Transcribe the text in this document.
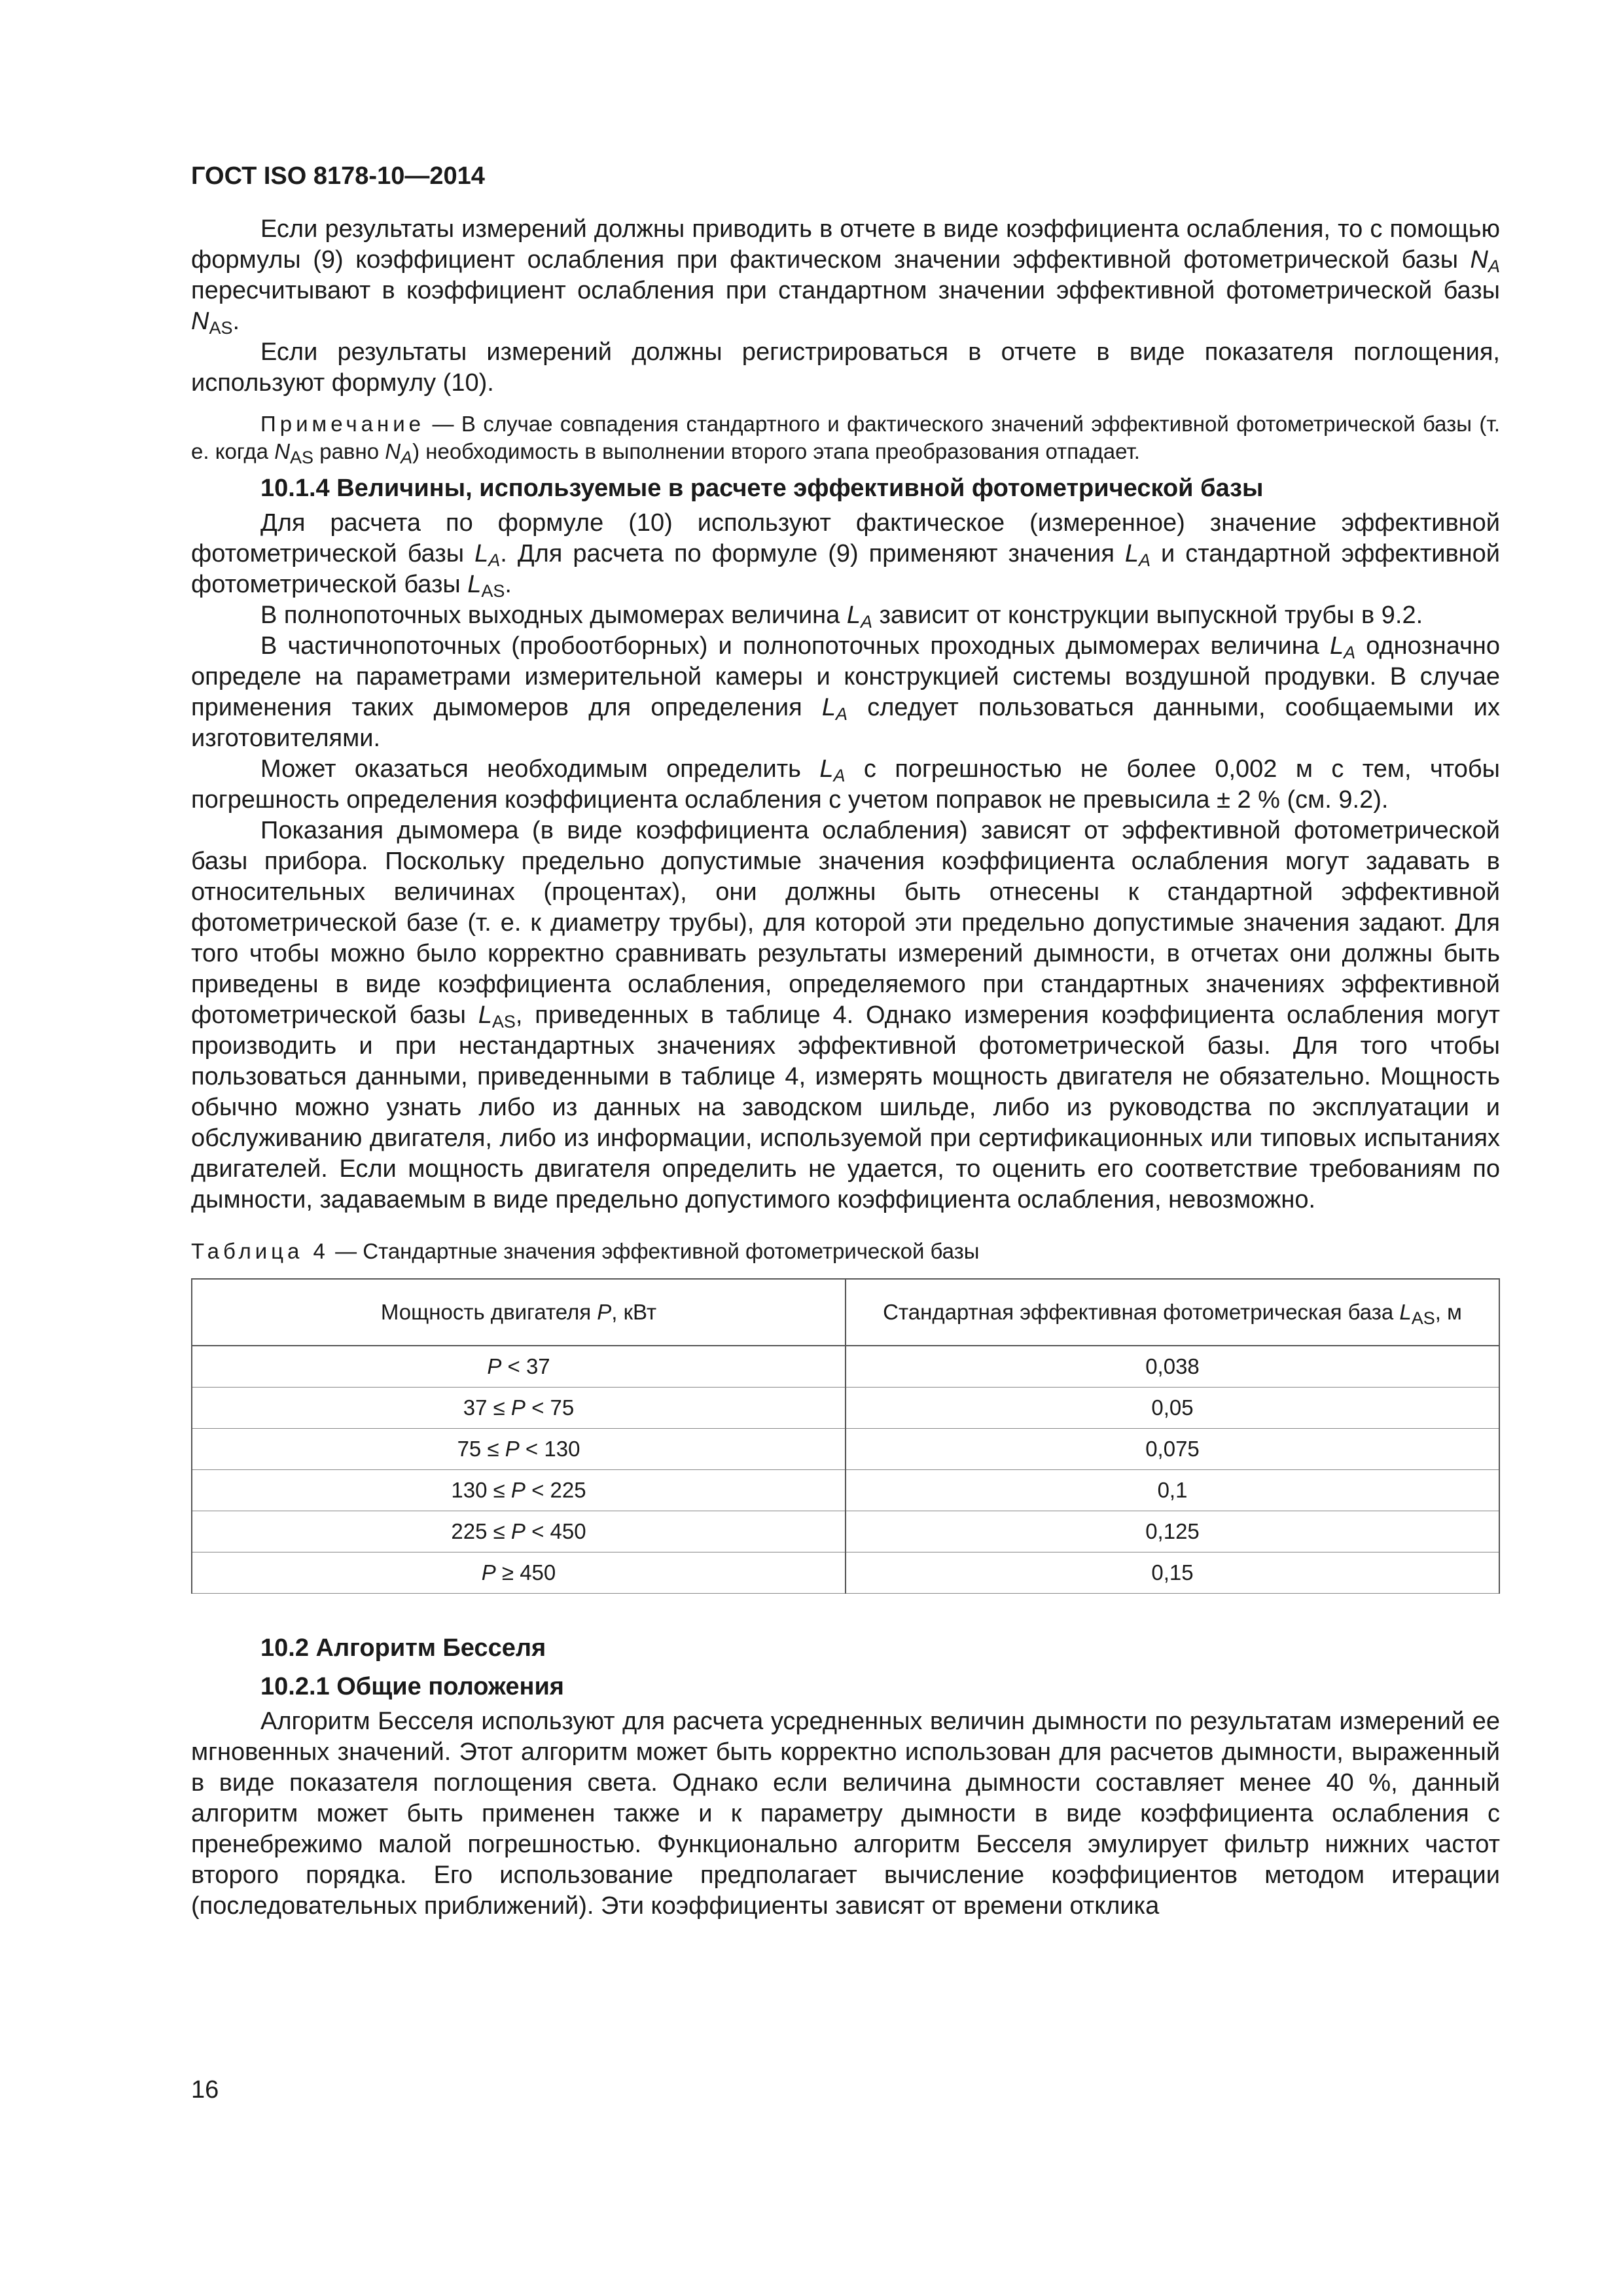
ГОСТ ISO 8178-10—2014

Если результаты измерений должны приводить в отчете в виде коэффициента ослабления, то с помощью формулы (9) коэффициент ослабления при фактическом значении эффективной фотометрической базы $N_A$ пересчитывают в коэффициент ослабления при стандартном значении эффективной фотометрической базы $N_{AS}$.

Если результаты измерений должны регистрироваться в отчете в виде показателя поглощения, используют формулу (10).

Примечание — В случае совпадения стандартного и фактического значений эффективной фотометрической базы (т. е. когда $N_{AS}$ равно $N_A$) необходимость в выполнении второго этапа преобразования отпадает.

10.1.4 Величины, используемые в расчете эффективной фотометрической базы

Для расчета по формуле (10) используют фактическое (измеренное) значение эффективной фотометрической базы $L_A$. Для расчета по формуле (9) применяют значения $L_A$ и стандартной эффективной фотометрической базы $L_{AS}$.

В полнопоточных выходных дымомерах величина $L_A$ зависит от конструкции выпускной трубы в 9.2.

В частичнопоточных (пробоотборных) и полнопоточных проходных дымомерах величина $L_A$ однозначно определе на параметрами измерительной камеры и конструкцией системы воздушной продувки. В случае применения таких дымомеров для определения $L_A$ следует пользоваться данными, сообщаемыми их изготовителями.

Может оказаться необходимым определить $L_A$ с погрешностью не более 0,002 м с тем, чтобы погрешность определения коэффициента ослабления с учетом поправок не превысила ± 2 % (см. 9.2).

Показания дымомера (в виде коэффициента ослабления) зависят от эффективной фотометрической базы прибора. Поскольку предельно допустимые значения коэффициента ослабления могут задавать в относительных величинах (процентах), они должны быть отнесены к стандартной эффективной фотометрической базе (т. е. к диаметру трубы), для которой эти предельно допустимые значения задают. Для того чтобы можно было корректно сравнивать результаты измерений дымности, в отчетах они должны быть приведены в виде коэффициента ослабления, определяемого при стандартных значениях эффективной фотометрической базы $L_{AS}$, приведенных в таблице 4. Однако измерения коэффициента ослабления могут производить и при нестандартных значениях эффективной фотометрической базы. Для того чтобы пользоваться данными, приведенными в таблице 4, измерять мощность двигателя не обязательно. Мощность обычно можно узнать либо из данных на заводском шильде, либо из руководства по эксплуатации и обслуживанию двигателя, либо из информации, используемой при сертификационных или типовых испытаниях двигателей. Если мощность двигателя определить не удается, то оценить его соответствие требованиям по дымности, задаваемым в виде предельно допустимого коэффициента ослабления, невозможно.

Таблица 4 — Стандартные значения эффективной фотометрической базы
Мощность двигателя P, кВт	Стандартная эффективная фотометрическая база $L_{AS}$, м
P < 37	0,038
37 ≤ P < 75	0,05
75 ≤ P < 130	0,075
130 ≤ P < 225	0,1
225 ≤ P < 450	0,125
P ≥ 450	0,15
10.2 Алгоритм Бесселя
10.2.1 Общие положения

Алгоритм Бесселя используют для расчета усредненных величин дымности по результатам измерений ее мгновенных значений. Этот алгоритм может быть корректно использован для расчетов дымности, выраженный в виде показателя поглощения света. Однако если величина дымности составляет менее 40 %, данный алгоритм может быть применен также и к параметру дымности в виде коэффициента ослабления с пренебрежимо малой погрешностью. Функционально алгоритм Бесселя эмулирует фильтр нижних частот второго порядка. Его использование предполагает вычисление коэффициентов методом итерации (последовательных приближений). Эти коэффициенты зависят от времени отклика

16
